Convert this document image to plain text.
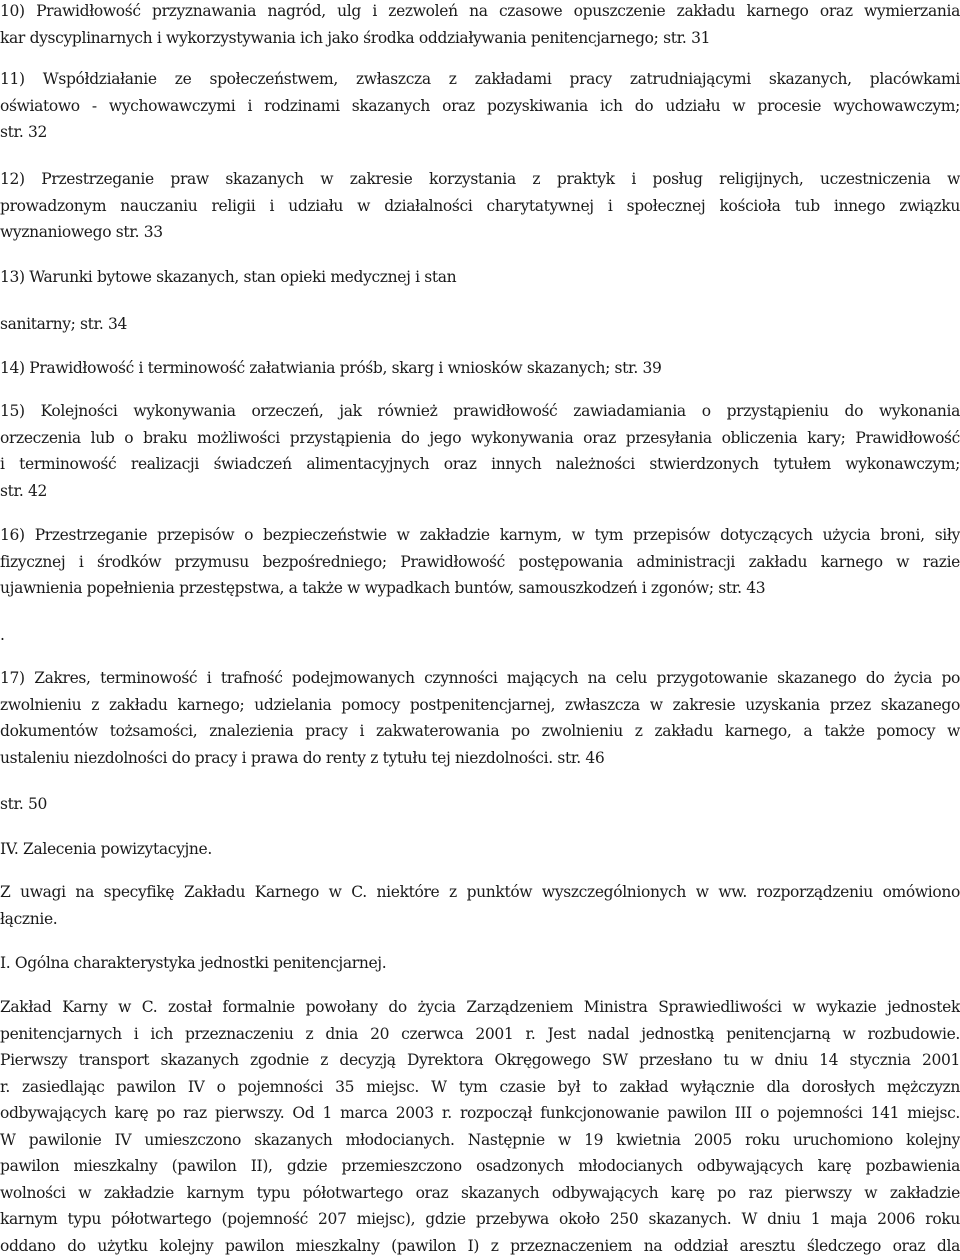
10) Prawidłowość przyznawania nagród, ulg i zezwoleń na czasowe opuszczenie zakładu karnego oraz wymierzania
kar dyscyplinarnych i wykorzystywania ich jako środka oddziaływania penitencjarnego; str. 31
11) Współdziałanie ze społeczeństwem, zwłaszcza z zakładami pracy zatrudniającymi skazanych, placówkami
oświatowo - wychowawczymi i rodzinami skazanych oraz pozyskiwania ich do udziału w procesie wychowawczym;
str. 32
12) Przestrzeganie praw skazanych w zakresie korzystania z praktyk i posług religijnych, uczestniczenia w
prowadzonym nauczaniu religii i udziału w działalności charytatywnej i społecznej kościoła tub innego związku
wyznaniowego str. 33
13) Warunki bytowe skazanych, stan opieki medycznej i stan
sanitarny; str. 34
14) Prawidłowość i terminowość załatwiania próśb, skarg i wniosków skazanych; str. 39
15) Kolejności wykonywania orzeczeń, jak również prawidłowość zawiadamiania o przystąpieniu do wykonania
orzeczenia lub o braku możliwości przystąpienia do jego wykonywania oraz przesyłania obliczenia kary; Prawidłowość
i terminowość realizacji świadczeń alimentacyjnych oraz innych należności stwierdzonych tytułem wykonawczym;
str. 42
16) Przestrzeganie przepisów o bezpieczeństwie w zakładzie karnym, w tym przepisów dotyczących użycia broni, siły
fizycznej i środków przymusu bezpośredniego; Prawidłowość postępowania administracji zakładu karnego w razie
ujawnienia popełnienia przestępstwa, a także w wypadkach buntów, samouszkodzeń i zgonów; str. 43
.
17) Zakres, terminowość i trafność podejmowanych czynności mających na celu przygotowanie skazanego do życia po
zwolnieniu z zakładu karnego; udzielania pomocy postpenitencjarnej, zwłaszcza w zakresie uzyskania przez skazanego
dokumentów tożsamości, znalezienia pracy i zakwaterowania po zwolnieniu z zakładu karnego, a także pomocy w
ustaleniu niezdolności do pracy i prawa do renty z tytułu tej niezdolności. str. 46
str. 50
IV. Zalecenia powizytacyjne.
Z uwagi na specyfikę Zakładu Karnego w C. niektóre z punktów wyszczególnionych w ww. rozporządzeniu omówiono
łącznie.
I. Ogólna charakterystyka jednostki penitencjarnej.
Zakład Karny w C. został formalnie powołany do życia Zarządzeniem Ministra Sprawiedliwości w wykazie jednostek
penitencjarnych i ich przeznaczeniu z dnia 20 czerwca 2001 r. Jest nadal jednostką penitencjarną w rozbudowie.
Pierwszy transport skazanych zgodnie z decyzją Dyrektora Okręgowego SW przesłano tu w dniu 14 stycznia 2001
r. zasiedlając pawilon IV o pojemności 35 miejsc. W tym czasie był to zakład wyłącznie dla dorosłych mężczyzn
odbywających karę po raz pierwszy. Od 1 marca 2003 r. rozpoczął funkcjonowanie pawilon III o pojemności 141 miejsc.
W pawilonie IV umieszczono skazanych młodocianych. Następnie w 19 kwietnia 2005 roku uruchomiono kolejny
pawilon mieszkalny (pawilon II), gdzie przemieszczono osadzonych młodocianych odbywających karę pozbawienia
wolności w zakładzie karnym typu półotwartego oraz skazanych odbywających karę po raz pierwszy w zakładzie
karnym typu półotwartego (pojemność 207 miejsc), gdzie przebywa około 250 skazanych. W dniu 1 maja 2006 roku
oddano do użytku kolejny pawilon mieszkalny (pawilon I) z przeznaczeniem na oddział aresztu śledczego oraz dla
